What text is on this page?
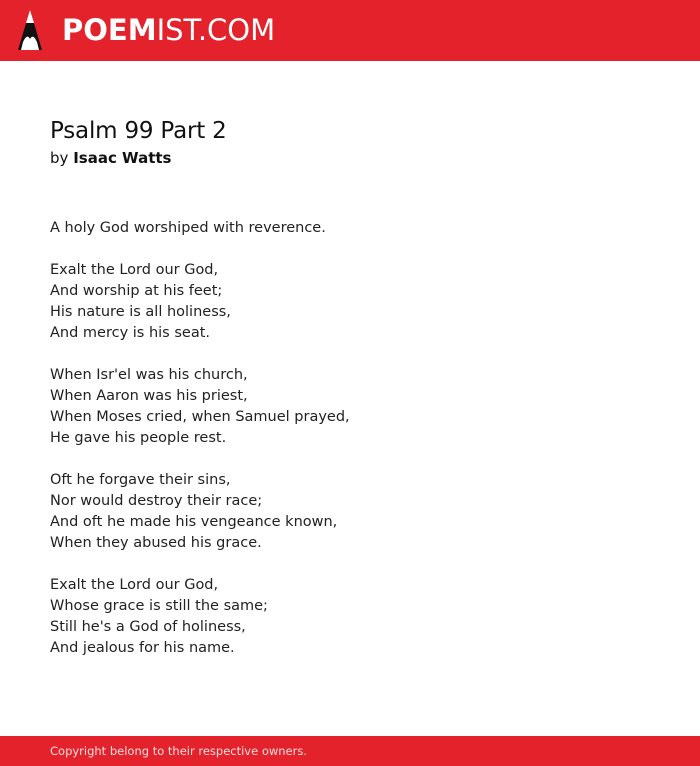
POEMIST.COM
Psalm 99 Part 2
by Isaac Watts
A holy God worshiped with reverence.
Exalt the Lord our God,
And worship at his feet;
His nature is all holiness,
And mercy is his seat.
When Isr'el was his church,
When Aaron was his priest,
When Moses cried, when Samuel prayed,
He gave his people rest.
Oft he forgave their sins,
Nor would destroy their race;
And oft he made his vengeance known,
When they abused his grace.
Exalt the Lord our God,
Whose grace is still the same;
Still he's a God of holiness,
And jealous for his name.
Copyright belong to their respective owners.
